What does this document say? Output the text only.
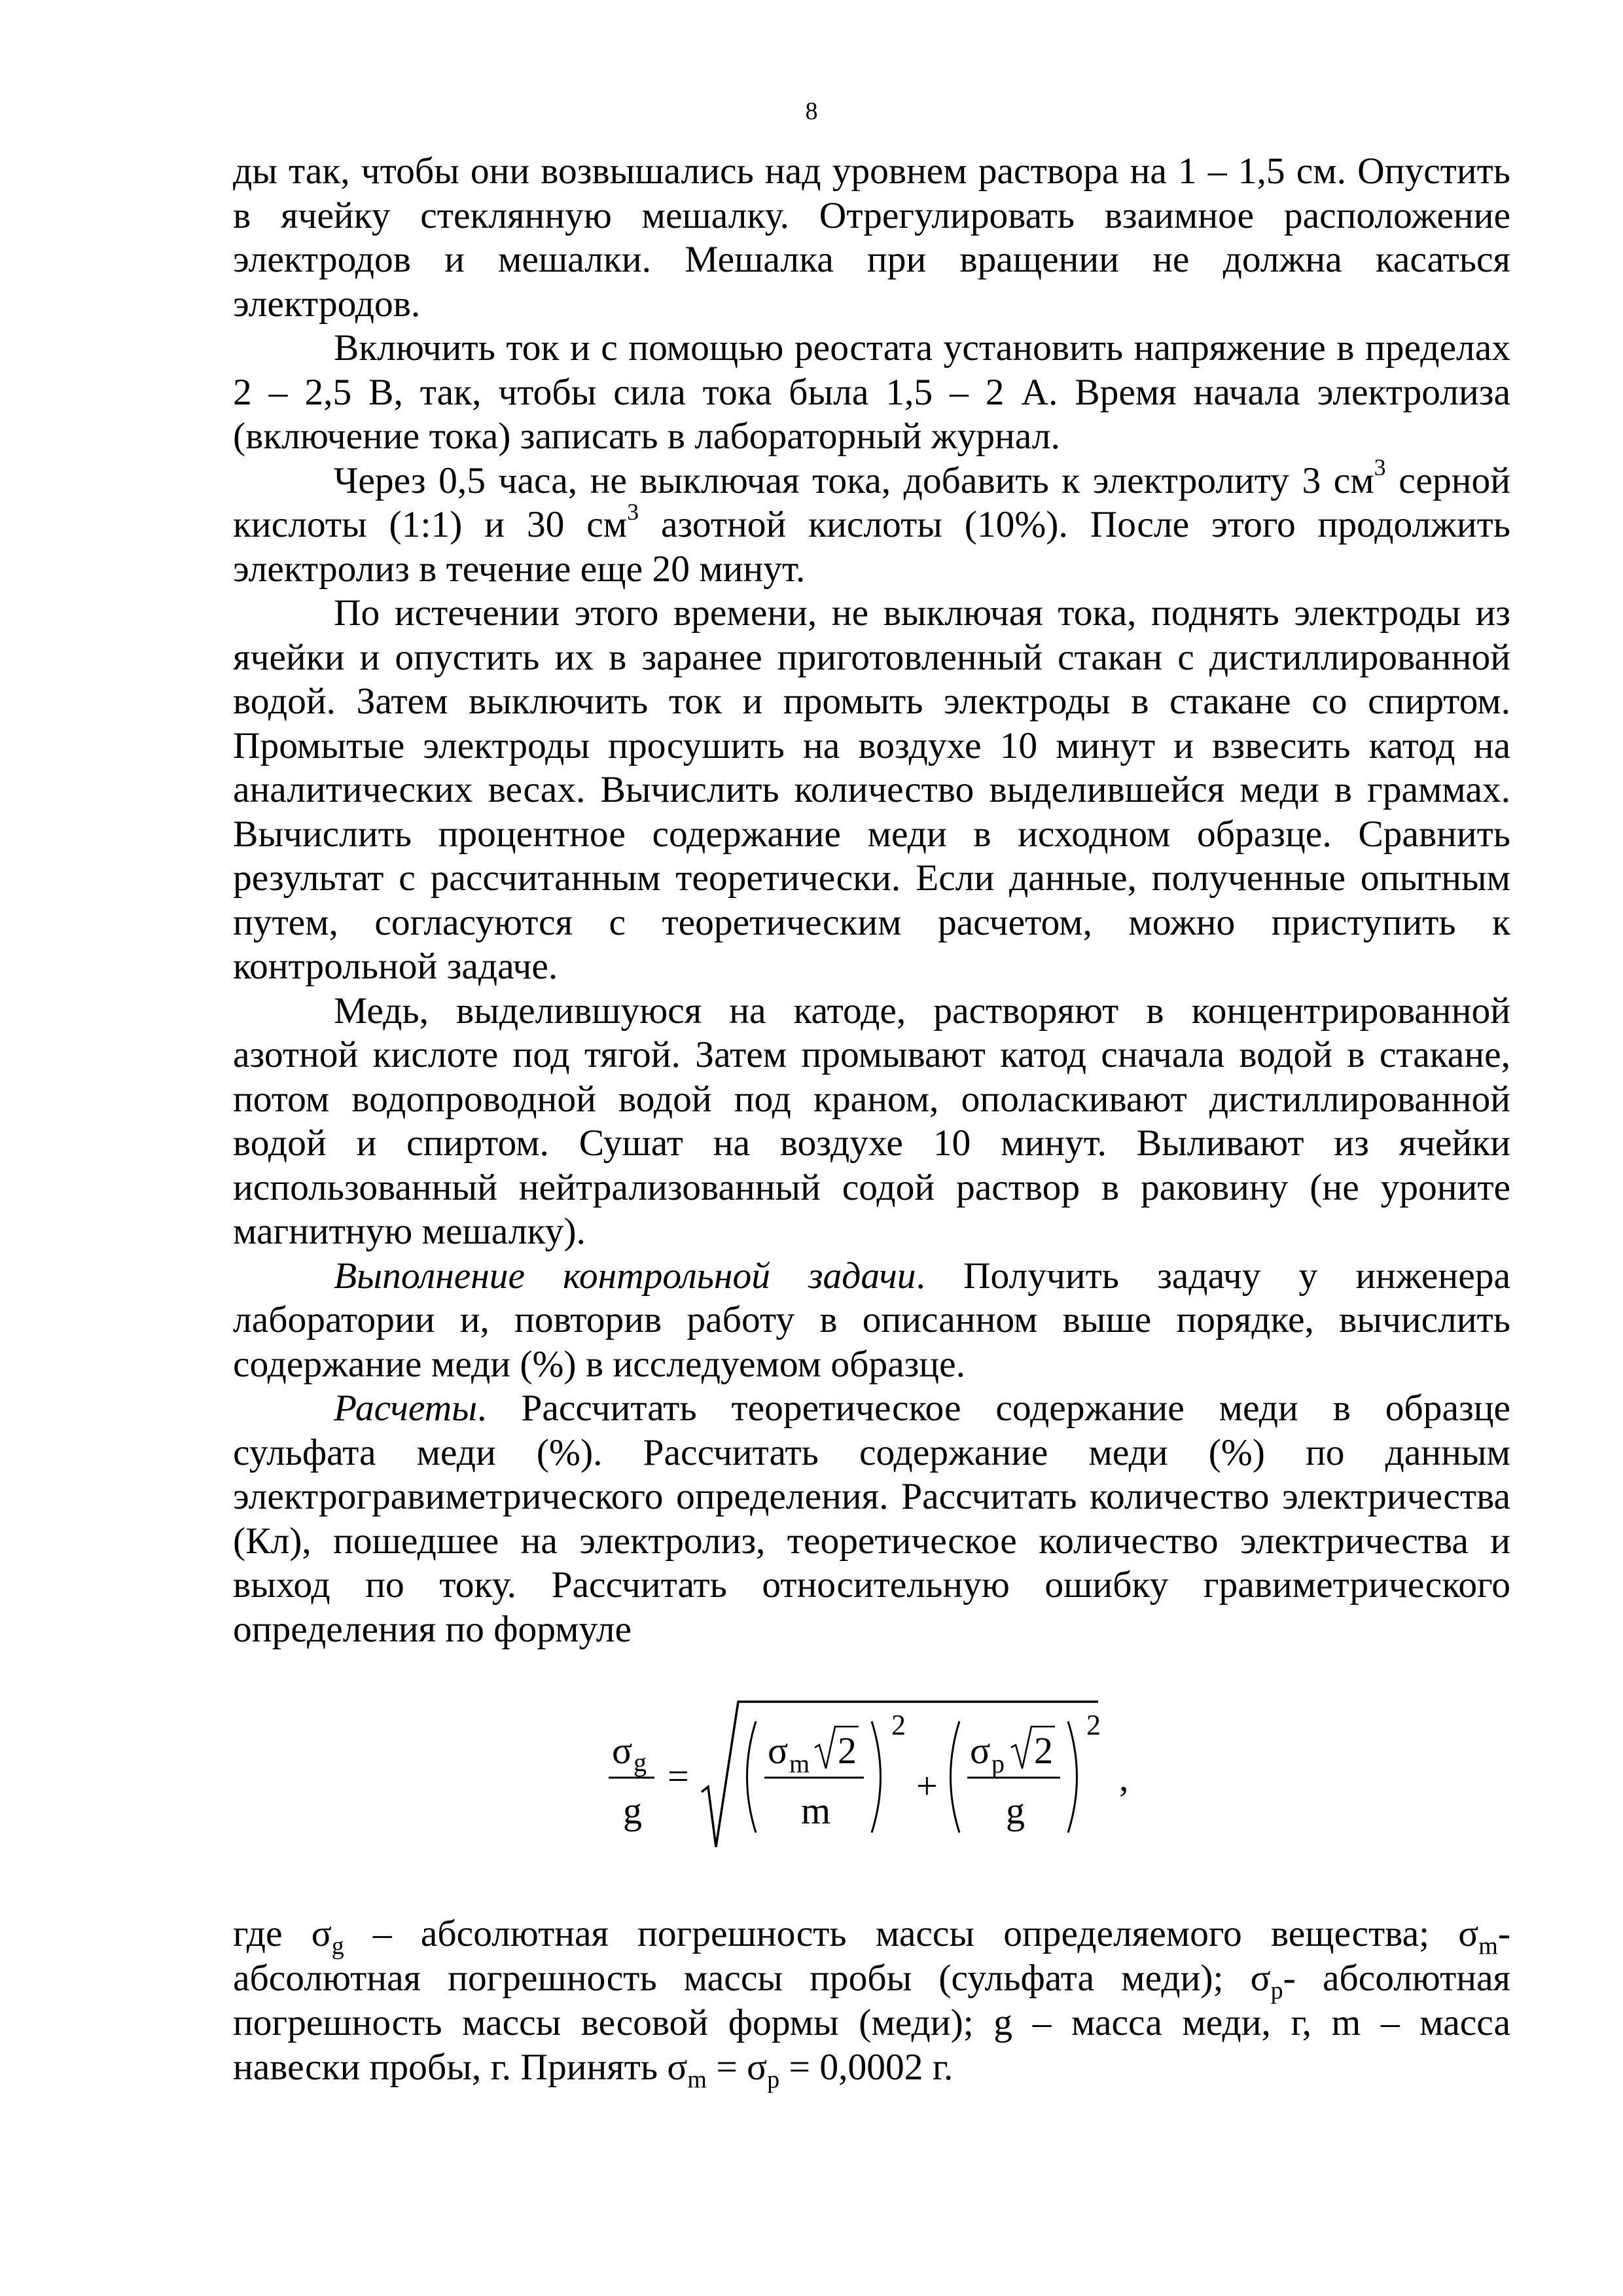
8

ды так, чтобы они возвышались над уровнем раствора на 1 – 1,5 см. Опустить в ячейку стеклянную мешалку. Отрегулировать взаимное расположение электродов и мешалки. Мешалка при вращении не должна касаться электродов.

Включить ток и с помощью реостата установить напряжение в пределах 2 – 2,5 В, так, чтобы сила тока была 1,5 – 2 А. Время начала электролиза (включение тока) записать в лабораторный журнал.

Через 0,5 часа, не выключая тока, добавить к электролиту 3 $см^3$ серной кислоты (1:1) и 30 $см^3$ азотной кислоты (10%). После этого продолжить электролиз в течение еще 20 минут.

По истечении этого времени, не выключая тока, поднять электроды из ячейки и опустить их в заранее приготовленный стакан с дистиллированной водой. Затем выключить ток и промыть электроды в стакане со спиртом. Промытые электроды просушить на воздухе 10 минут и взвесить катод на аналитических весах. Вычислить количество выделившейся меди в граммах. Вычислить процентное содержание меди в исходном образце. Сравнить результат с рассчитанным теоретически. Если данные, полученные опытным путем, согласуются с теоретическим расчетом, можно приступить к контрольной задаче.

Медь, выделившуюся на катоде, растворяют в концентрированной азотной кислоте под тягой. Затем промывают катод сначала водой в стакане, потом водопроводной водой под краном, ополаскивают дистиллированной водой и спиртом. Сушат на воздухе 10 минут. Выливают из ячейки использованный нейтрализованный содой раствор в раковину (не уроните магнитную мешалку).

Выполнение контрольной задачи. Получить задачу у инженера лаборатории и, повторив работу в описанном выше порядке, вычислить содержание меди (%) в исследуемом образце.

Расчеты. Рассчитать теоретическое содержание меди в образце сульфата меди (%). Рассчитать содержание меди (%) по данным электрогравиметрического определения. Рассчитать количество электричества (Кл), пошедшее на электролиз, теоретическое количество электричества и выход по току. Рассчитать относительную ошибку гравиметрического определения по формуле

σ g
g
=
σ m 2
m
2
+
σ p 2
g
2
,

где $\sigma_g$ – абсолютная погрешность массы определяемого вещества; $\sigma_m-$ абсолютная погрешность массы пробы (сульфата меди); $\sigma_p-$ абсолютная погрешность массы весовой формы (меди); g – масса меди, г, m – масса навески пробы, г. Принять $\sigma_m = \sigma_p = 0,0002$ г.
